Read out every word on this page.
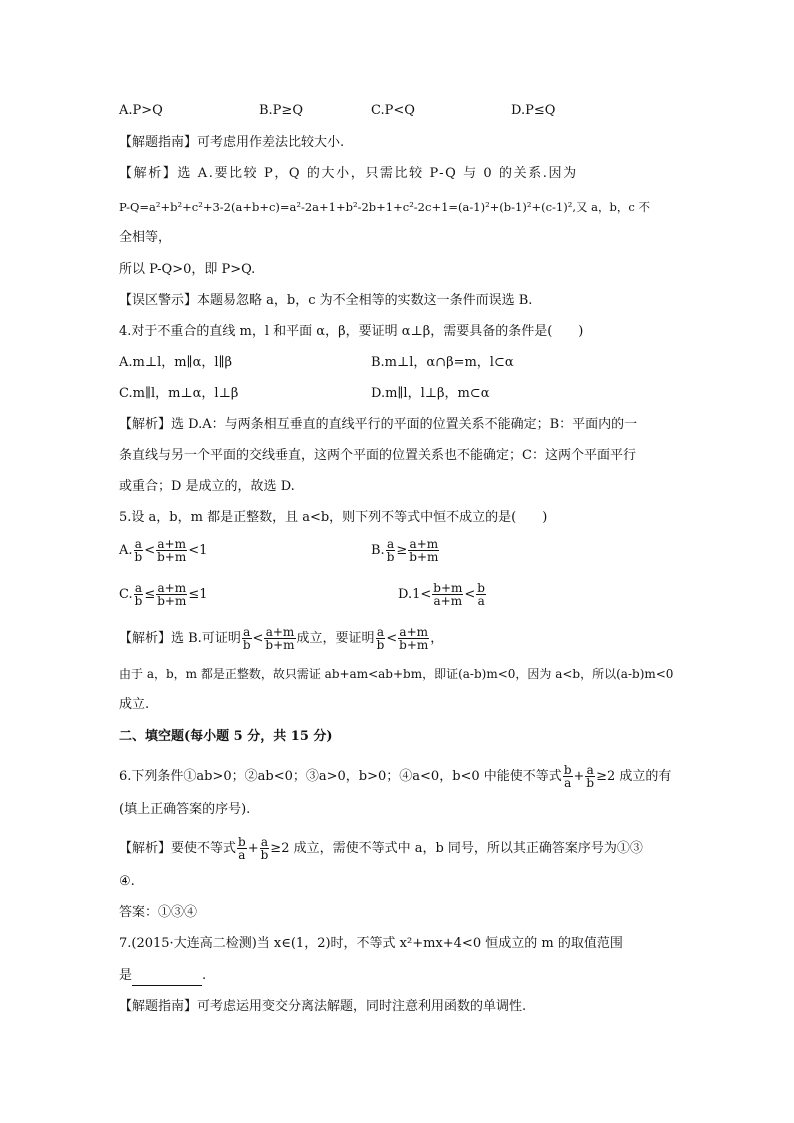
A.P>Q	B.P≥Q	C.P<Q	D.P≤Q
【解题指南】可考虑用作差法比较大小.
【解析】选 A.要比较 P，Q 的大小，只需比较 P-Q 与 0 的关系.因为
P-Q=a²+b²+c²+3-2(a+b+c)=a²-2a+1+b²-2b+1+c²-2c+1=(a-1)²+(b-1)²+(c-1)²,又 a，b，c 不
全相等，
所以 P-Q>0，即 P>Q.
【误区警示】本题易忽略 a，b，c 为不全相等的实数这一条件而误选 B.
4.对于不重合的直线 m，l 和平面 α，β，要证明 α⊥β，需要具备的条件是(　　)
A.m⊥l，m∥α，l∥β	B.m⊥l，α∩β=m，l⊂α
C.m∥l，m⊥α，l⊥β	D.m∥l，l⊥β，m⊂α
【解析】选 D.A：与两条相互垂直的直线平行的平面的位置关系不能确定；B：平面内的一
条直线与另一个平面的交线垂直，这两个平面的位置关系也不能确定；C：这两个平面平行
或重合；D 是成立的，故选 D.
5.设 a，b，m 都是正整数，且 a<b，则下列不等式中恒不成立的是(　　)
A. $\frac{a}{b} < \frac{a+m}{b+m} <1$	B. $\frac{a}{b} \ge \frac{a+m}{b+m}$
C. $\frac{a}{b} \le \frac{a+m}{b+m} \le 1$	$D.1< \frac{b+m}{a+m} < \frac{b}{a}$
【解析】选 B.可证明 $\frac{a}{b} < \frac{a+m}{b+m}$ 成立，要证明 $\frac{a}{b} < \frac{a+m}{b+m}$ ，
由于 a，b，m 都是正整数，故只需证 ab+am<ab+bm，即证(a-b)m<0，因为 a<b，所以(a-b)m<0
成立.
二、填空题(每小题 5 分，共 15 分)
6.下列条件①ab>0；②ab<0；③a>0，b>0；④a<0，b<0 中能使不等式 $\frac{b}{a} + \frac{a}{b} \ge 2$ 成立的有
(填上正确答案的序号).
【解析】要使不等式 $\frac{b}{a} + \frac{a}{b} \ge 2$ 成立，需使不等式中 a，b 同号，所以其正确答案序号为①③
④.
答案：①③④
7.(2015·大连高二检测)当 x∈(1，2)时，不等式 x²+mx+4<0 恒成立的 m 的取值范围
是	.
【解题指南】可考虑运用变交分离法解题，同时注意利用函数的单调性.
